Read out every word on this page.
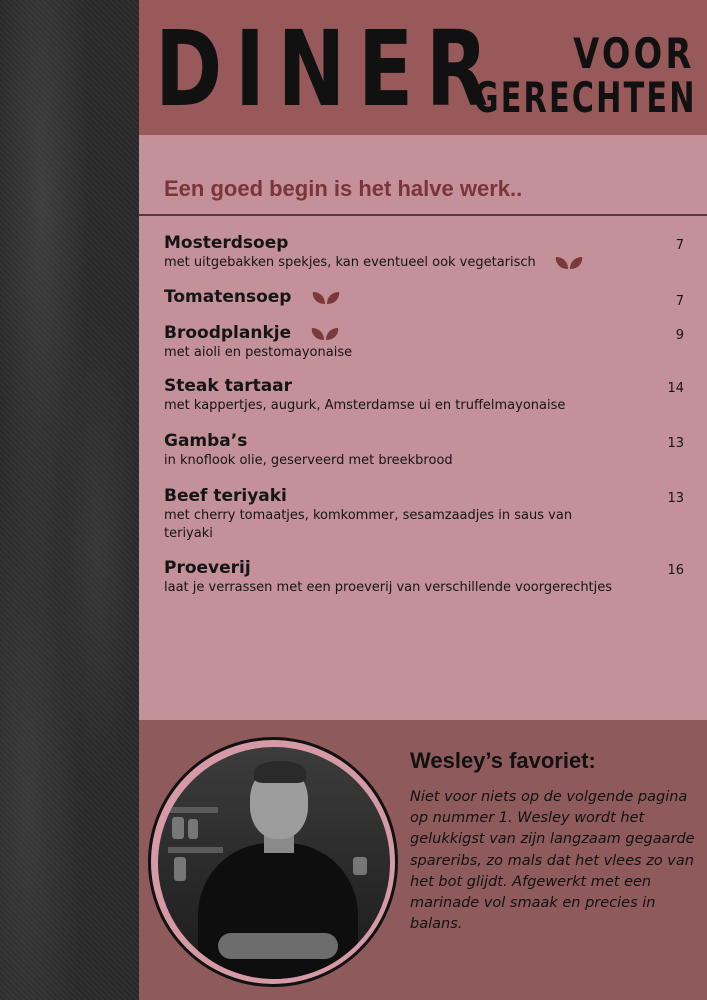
DINER VOOR
GERECHTEN
Een goed begin is het halve werk..
Mosterdsoep
met uitgebakken spekjes, kan eventueel ook vegetarisch
7
Tomatensoep	7
Broodplankje
met aioli en pestomayonaise
9
Steak tartaar
met kappertjes, augurk, Amsterdamse ui en truffelmayonaise
14
Gamba’s
in knoflook olie, geserveerd met breekbrood
13
Beef teriyaki
met cherry tomaatjes, komkommer, sesamzaadjes in saus van teriyaki
13
Proeverij
laat je verrassen met een proeverij van verschillende voorgerechtjes
16
Wesley’s favoriet:
Niet voor niets op de volgende pagina op nummer 1. Wesley wordt het gelukkigst van zijn langzaam gegaarde spareribs, zo mals dat het vlees zo van het bot glijdt. Afgewerkt met een marinade vol smaak en precies in balans.
